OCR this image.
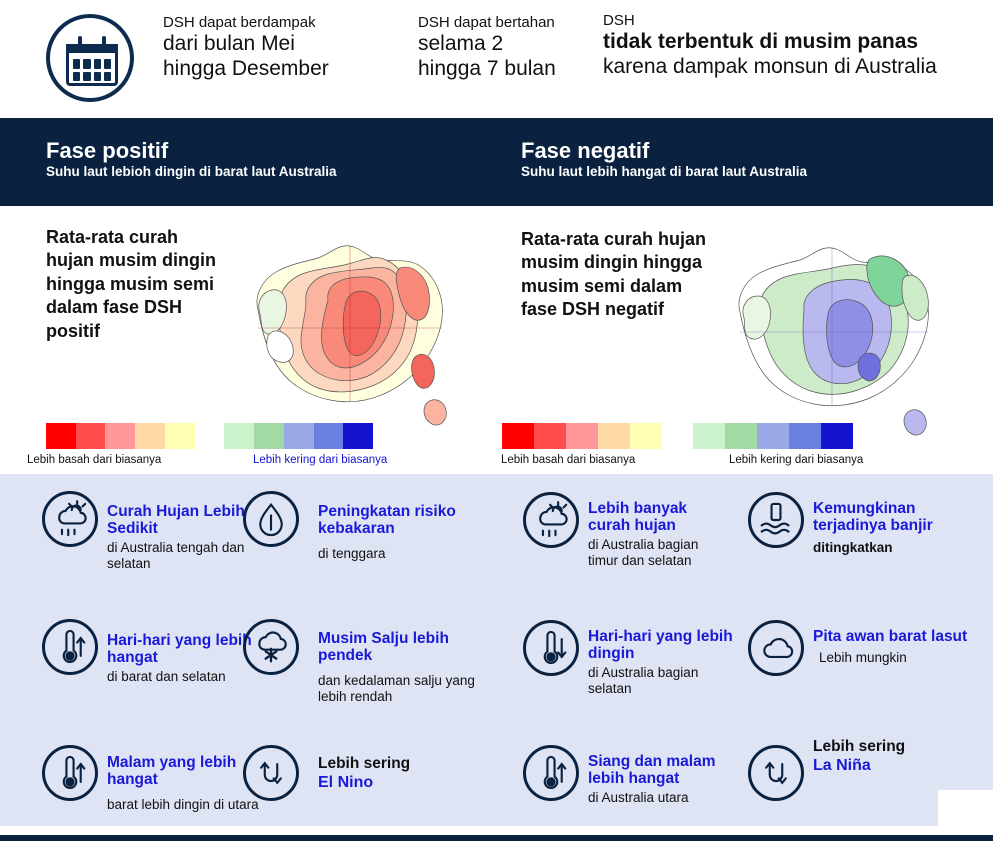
DSH dapat berdampak
dari bulan Mei
hingga Desember
DSH dapat bertahan
selama 2
hingga 7 bulan
DSH
tidak terbentuk di musim panas
karena dampak monsun di Australia
Fase positif
Suhu laut lebioh dingin di barat laut Australia
Fase negatif
Suhu laut lebih hangat di barat laut Australia
Rata-rata curah hujan musim dingin hingga musim semi dalam fase DSH positif
Rata-rata curah hujan musim dingin hingga musim semi dalam fase DSH negatif
Lebih basah dari biasanya	Lebih kering dari biasanya	Lebih basah dari biasanya	Lebih kering dari biasanya
Curah Hujan Lebih Sedikit
di Australia tengah dan selatan
Peningkatan risiko kebakaran
di tenggara
Hari-hari yang lebih hangat
di barat dan selatan
Musim Salju lebih pendek
dan kedalaman salju yang lebih rendah
Malam yang lebih hangat
barat lebih dingin di utara
Lebih sering
El Nino
Lebih banyak curah hujan
di Australia bagian timur dan selatan
Kemungkinan terjadinya banjir
ditingkatkan
Hari-hari yang lebih dingin
di Australia bagian selatan
Pita awan barat lasut
Lebih mungkin
Siang dan malam lebih hangat
di Australia utara
Lebih sering
La Niña
